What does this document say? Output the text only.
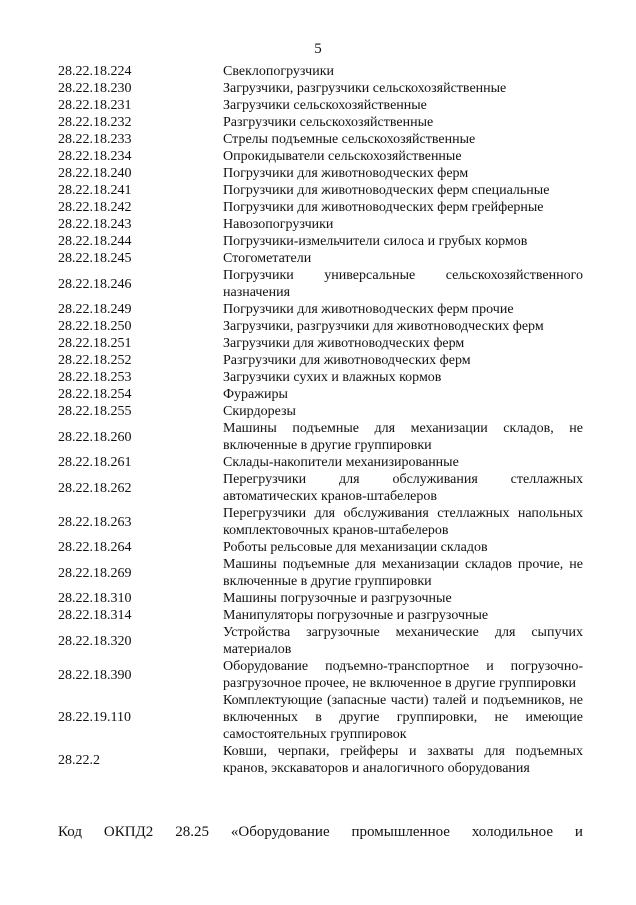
5
28.22.18.224	Свеклопогрузчики
28.22.18.230	Загрузчики, разгрузчики сельскохозяйственные
28.22.18.231	Загрузчики сельскохозяйственные
28.22.18.232	Разгрузчики сельскохозяйственные
28.22.18.233	Стрелы подъемные сельскохозяйственные
28.22.18.234	Опрокидыватели сельскохозяйственные
28.22.18.240	Погрузчики для животноводческих ферм
28.22.18.241	Погрузчики для животноводческих ферм специальные
28.22.18.242	Погрузчики для животноводческих ферм грейферные
28.22.18.243	Навозопогрузчики
28.22.18.244	Погрузчики-измельчители силоса и грубых кормов
28.22.18.245	Стогометатели
28.22.18.246	Погрузчики универсальные сельскохозяйственного назначения
28.22.18.249	Погрузчики для животноводческих ферм прочие
28.22.18.250	Загрузчики, разгрузчики для животноводческих ферм
28.22.18.251	Загрузчики для животноводческих ферм
28.22.18.252	Разгрузчики для животноводческих ферм
28.22.18.253	Загрузчики сухих и влажных кормов
28.22.18.254	Фуражиры
28.22.18.255	Скирдорезы
28.22.18.260	Машины подъемные для механизации складов, не включенные в другие группировки
28.22.18.261	Склады-накопители механизированные
28.22.18.262	Перегрузчики для обслуживания стеллажных автоматических кранов-штабелеров
28.22.18.263	Перегрузчики для обслуживания стеллажных напольных комплектовочных кранов-штабелеров
28.22.18.264	Роботы рельсовые для механизации складов
28.22.18.269	Машины подъемные для механизации складов прочие, не включенные в другие группировки
28.22.18.310	Машины погрузочные и разгрузочные
28.22.18.314	Манипуляторы погрузочные и разгрузочные
28.22.18.320	Устройства загрузочные механические для сыпучих материалов
28.22.18.390	Оборудование подъемно-транспортное и погрузочно-разгрузочное прочее, не включенное в другие группировки
28.22.19.110	Комплектующие (запасные части) талей и подъемников, не включенных в другие группировки, не имеющие самостоятельных группировок
28.22.2	Ковши, черпаки, грейферы и захваты для подъемных кранов, экскаваторов и аналогичного оборудования
Код ОКПД2 28.25 «Оборудование промышленное холодильное и
